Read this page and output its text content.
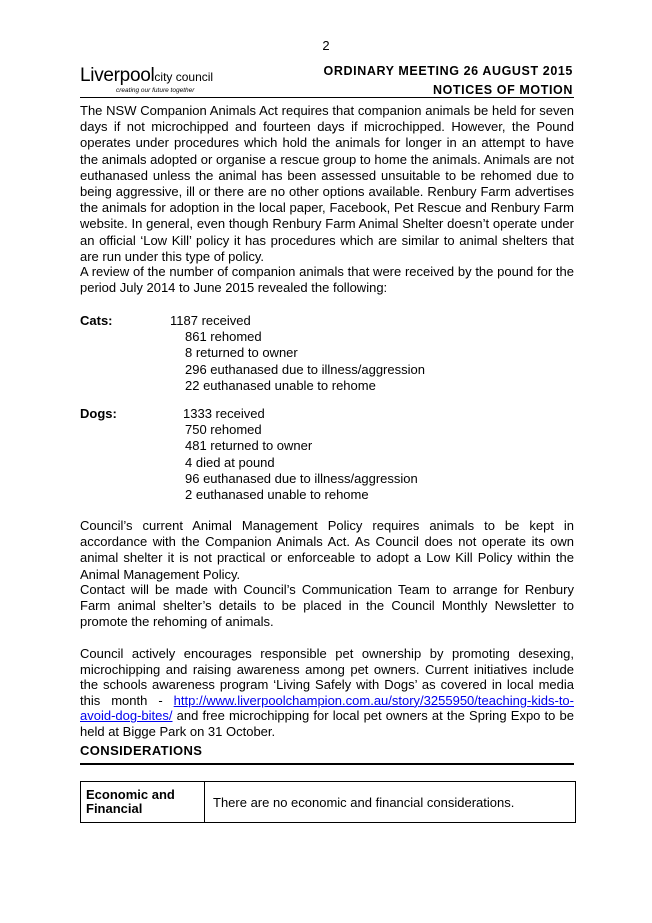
2
Liverpoolcity council
creating our future together
ORDINARY MEETING 26 AUGUST 2015
NOTICES OF MOTION

The NSW Companion Animals Act requires that companion animals be held for seven days if not microchipped and fourteen days if microchipped. However, the Pound operates under procedures which hold the animals for longer in an attempt to have the animals adopted or organise a rescue group to home the animals. Animals are not euthanased unless the animal has been assessed unsuitable to be rehomed due to being aggressive, ill or there are no other options available. Renbury Farm advertises the animals for adoption in the local paper, Facebook, Pet Rescue and Renbury Farm website. In general, even though Renbury Farm Animal Shelter doesn’t operate under an official ‘Low Kill’ policy it has procedures which are similar to animal shelters that are run under this type of policy.

A review of the number of companion animals that were received by the pound for the period July 2014 to June 2015 revealed the following:

Cats:	1187 received
861 rehomed
8 returned to owner
296 euthanased due to illness/aggression
22 euthanased unable to rehome
Dogs:	1333 received
750 rehomed
481 returned to owner
4 died at pound
96 euthanased due to illness/aggression
2 euthanased unable to rehome

Council’s current Animal Management Policy requires animals to be kept in accordance with the Companion Animals Act. As Council does not operate its own animal shelter it is not practical or enforceable to adopt a Low Kill Policy within the Animal Management Policy.

Contact will be made with Council’s Communication Team to arrange for Renbury Farm animal shelter’s details to be placed in the Council Monthly Newsletter to promote the rehoming of animals.

Council actively encourages responsible pet ownership by promoting desexing, microchipping and raising awareness among pet owners. Current initiatives include the schools awareness program ‘Living Safely with Dogs’ as covered in local media this month - http://www.liverpoolchampion.com.au/story/3255950/teaching-kids-to-avoid-dog-bites/ and free microchipping for local pet owners at the Spring Expo to be held at Bigge Park on 31 October.

CONSIDERATIONS
Economic and Financial	There are no economic and financial considerations.
